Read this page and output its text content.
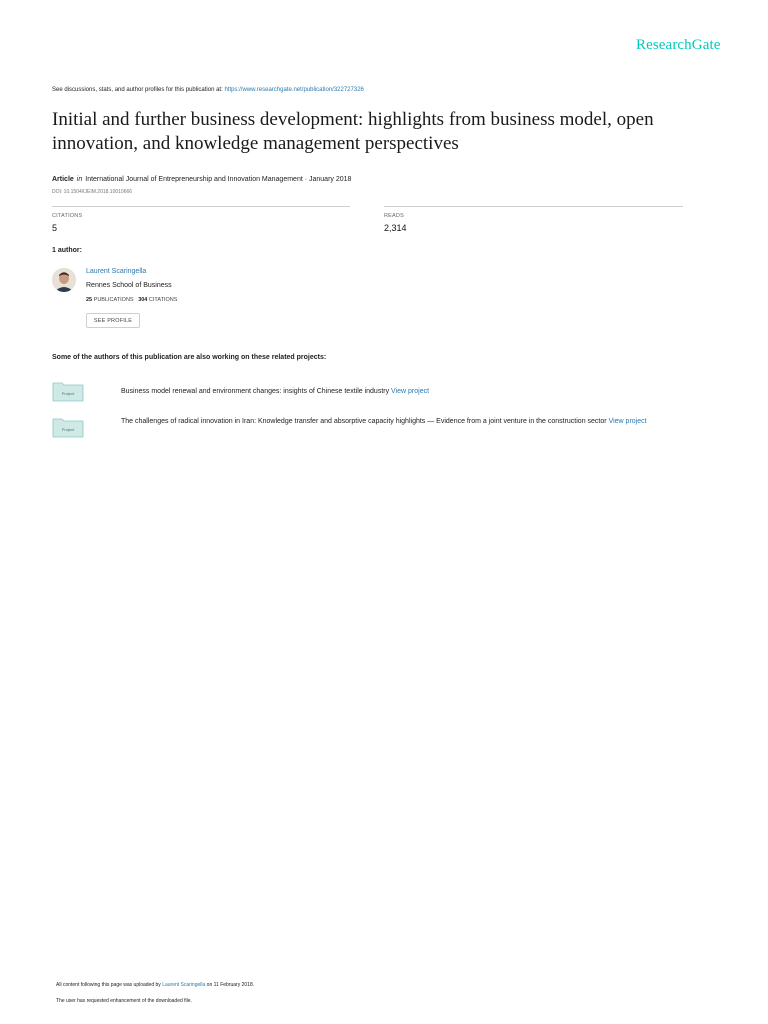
ResearchGate
See discussions, stats, and author profiles for this publication at: https://www.researchgate.net/publication/322727326
Initial and further business development: highlights from business model, open innovation, and knowledge management perspectives
Article in International Journal of Entrepreneurship and Innovation Management · January 2018
DOI: 10.1504/IJEIM.2018.10010666
CITATIONS
5
READS
2,314
1 author:
Laurent Scaringella
Rennes School of Business
25 PUBLICATIONS 304 CITATIONS
SEE PROFILE
Some of the authors of this publication are also working on these related projects:
Project	Business model renewal and environment changes: insights of Chinese textile industry View project
Project
The challenges of radical innovation in Iran: Knowledge transfer and absorptive capacity highlights — Evidence from a joint venture in the construction sector View project
All content following this page was uploaded by Laurent Scaringella on 11 February 2018.
The user has requested enhancement of the downloaded file.
